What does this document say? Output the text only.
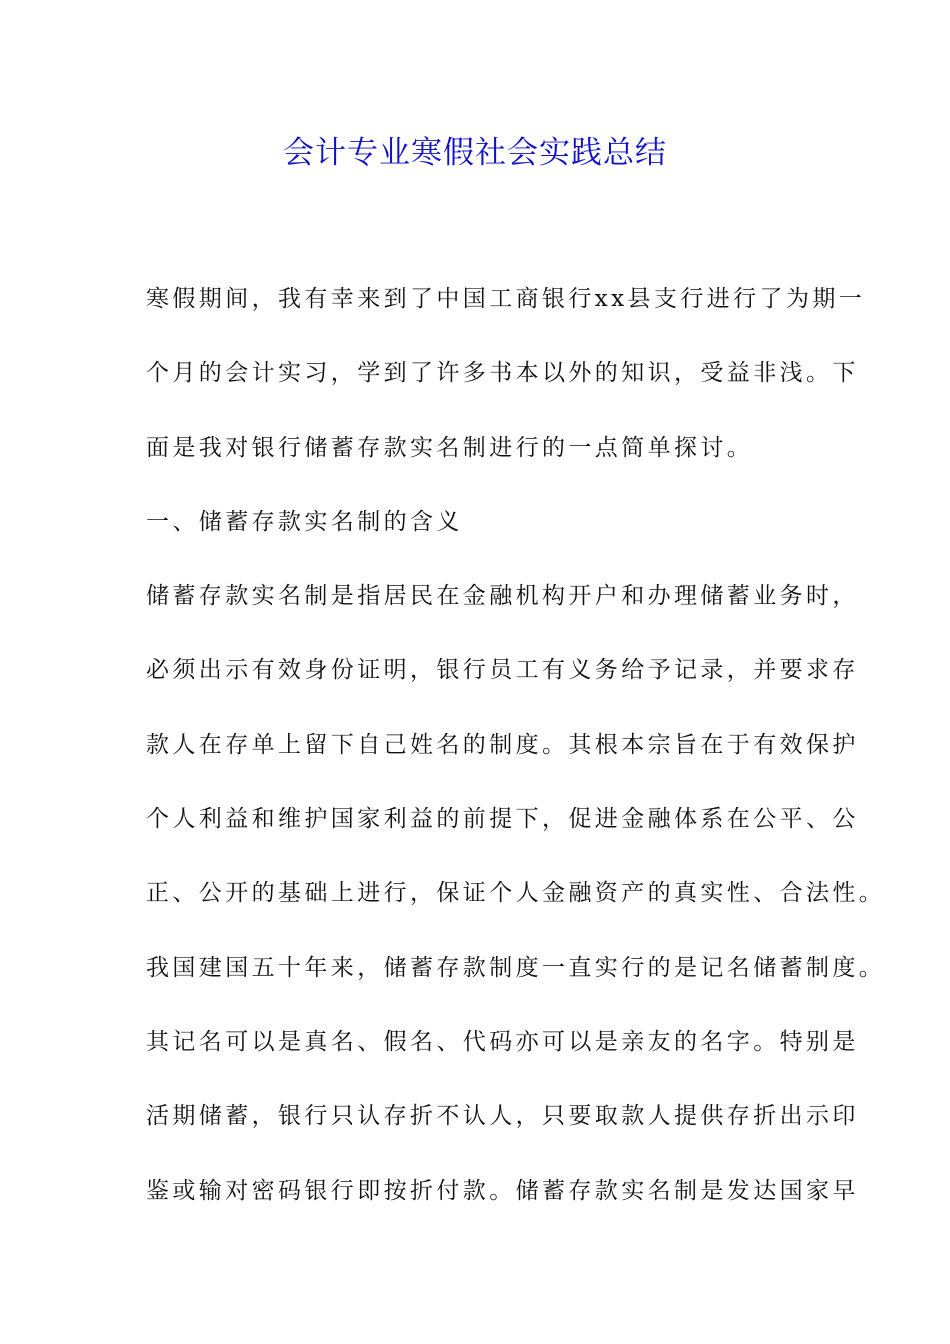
会计专业寒假社会实践总结
寒假期间，我有幸来到了中国工商银行xx县支行进行了为期一
个月的会计实习，学到了许多书本以外的知识，受益非浅。下
面是我对银行储蓄存款实名制进行的一点简单探讨。
一、储蓄存款实名制的含义
储蓄存款实名制是指居民在金融机构开户和办理储蓄业务时，
必须出示有效身份证明，银行员工有义务给予记录，并要求存
款人在存单上留下自己姓名的制度。其根本宗旨在于有效保护
个人利益和维护国家利益的前提下，促进金融体系在公平、公
正、公开的基础上进行，保证个人金融资产的真实性、合法性。
我国建国五十年来，储蓄存款制度一直实行的是记名储蓄制度。
其记名可以是真名、假名、代码亦可以是亲友的名字。特别是
活期储蓄，银行只认存折不认人，只要取款人提供存折出示印
鉴或输对密码银行即按折付款。储蓄存款实名制是发达国家早
